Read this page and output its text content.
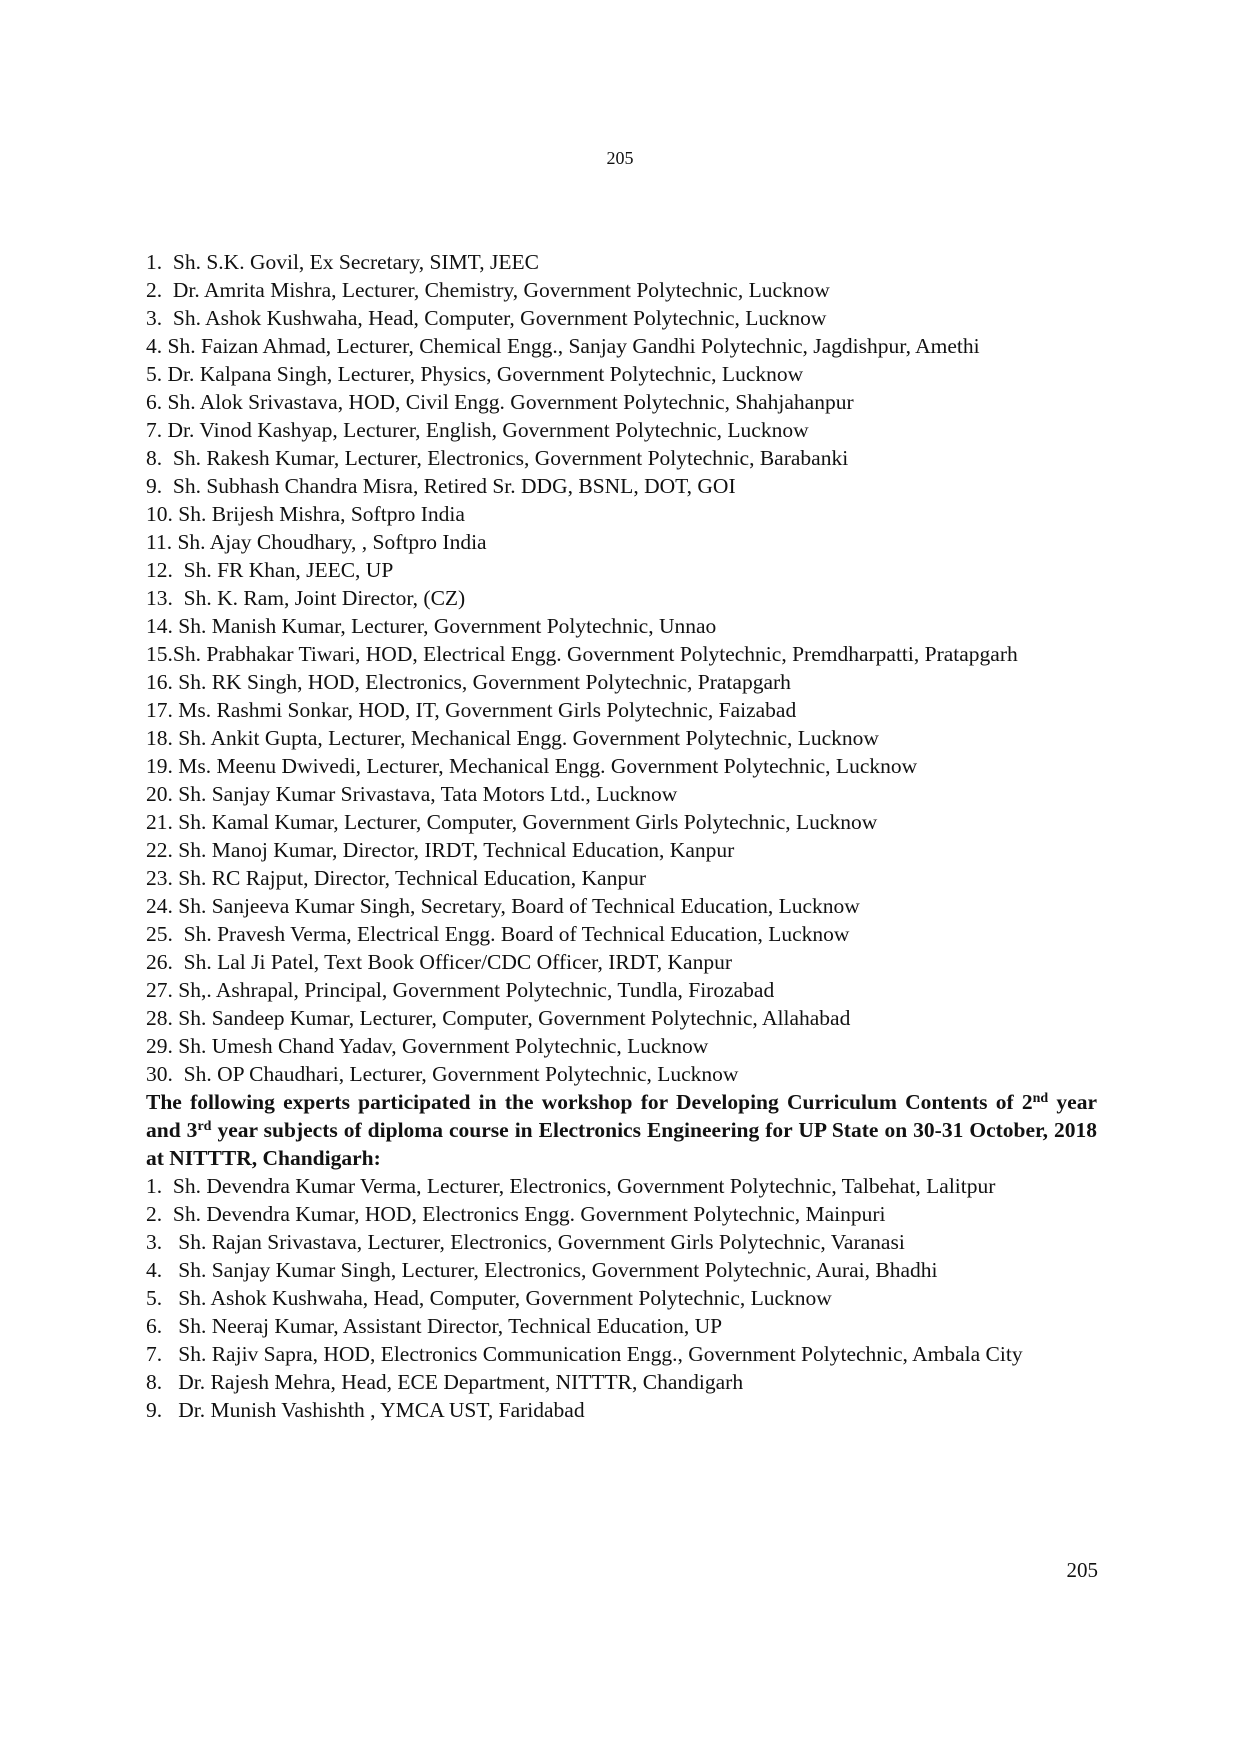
205
1. Sh. S.K. Govil, Ex Secretary, SIMT, JEEC
2. Dr. Amrita Mishra, Lecturer, Chemistry, Government Polytechnic, Lucknow
3. Sh. Ashok Kushwaha, Head, Computer, Government Polytechnic, Lucknow
4. Sh. Faizan Ahmad, Lecturer, Chemical Engg., Sanjay Gandhi Polytechnic, Jagdishpur, Amethi
5. Dr. Kalpana Singh, Lecturer, Physics, Government Polytechnic, Lucknow
6. Sh. Alok Srivastava, HOD, Civil Engg. Government Polytechnic, Shahjahanpur
7. Dr. Vinod Kashyap, Lecturer, English, Government Polytechnic, Lucknow
8. Sh. Rakesh Kumar, Lecturer, Electronics, Government Polytechnic, Barabanki
9. Sh. Subhash Chandra Misra, Retired Sr. DDG, BSNL, DOT, GOI
10. Sh. Brijesh Mishra, Softpro India
11. Sh. Ajay Choudhary, , Softpro India
12. Sh. FR Khan, JEEC, UP
13. Sh. K. Ram, Joint Director, (CZ)
14. Sh. Manish Kumar, Lecturer, Government Polytechnic, Unnao
15. Sh. Prabhakar Tiwari, HOD, Electrical Engg. Government Polytechnic, Premdharpatti, Pratapgarh
16. Sh. RK Singh, HOD, Electronics, Government Polytechnic, Pratapgarh
17. Ms. Rashmi Sonkar, HOD, IT, Government Girls Polytechnic, Faizabad
18. Sh. Ankit Gupta, Lecturer, Mechanical Engg. Government Polytechnic, Lucknow
19. Ms. Meenu Dwivedi, Lecturer, Mechanical Engg. Government Polytechnic, Lucknow
20. Sh. Sanjay Kumar Srivastava, Tata Motors Ltd., Lucknow
21. Sh. Kamal Kumar, Lecturer, Computer, Government Girls Polytechnic, Lucknow
22. Sh. Manoj Kumar, Director, IRDT, Technical Education, Kanpur
23. Sh. RC Rajput, Director, Technical Education, Kanpur
24. Sh. Sanjeeva Kumar Singh, Secretary, Board of Technical Education, Lucknow
25. Sh. Pravesh Verma, Electrical Engg. Board of Technical Education, Lucknow
26. Sh. Lal Ji Patel, Text Book Officer/CDC Officer, IRDT, Kanpur
27. Sh,. Ashrapal, Principal, Government Polytechnic, Tundla, Firozabad
28. Sh. Sandeep Kumar, Lecturer, Computer, Government Polytechnic, Allahabad
29. Sh. Umesh Chand Yadav, Government Polytechnic, Lucknow
30. Sh. OP Chaudhari, Lecturer, Government Polytechnic, Lucknow
The following experts participated in the workshop for Developing Curriculum Contents of 2nd year and 3rd year subjects of diploma course in Electronics Engineering for UP State on 30-31 October, 2018 at NITTTR, Chandigarh:
1. Sh. Devendra Kumar Verma, Lecturer, Electronics, Government Polytechnic, Talbehat, Lalitpur
2. Sh. Devendra Kumar, HOD, Electronics Engg. Government Polytechnic, Mainpuri
3. Sh. Rajan Srivastava, Lecturer, Electronics, Government Girls Polytechnic, Varanasi
4. Sh. Sanjay Kumar Singh, Lecturer, Electronics, Government Polytechnic, Aurai, Bhadhi
5. Sh. Ashok Kushwaha, Head, Computer, Government Polytechnic, Lucknow
6. Sh. Neeraj Kumar, Assistant Director, Technical Education, UP
7. Sh. Rajiv Sapra, HOD, Electronics Communication Engg., Government Polytechnic, Ambala City
8. Dr. Rajesh Mehra, Head, ECE Department, NITTTR, Chandigarh
9. Dr. Munish Vashishth , YMCA UST, Faridabad
205
